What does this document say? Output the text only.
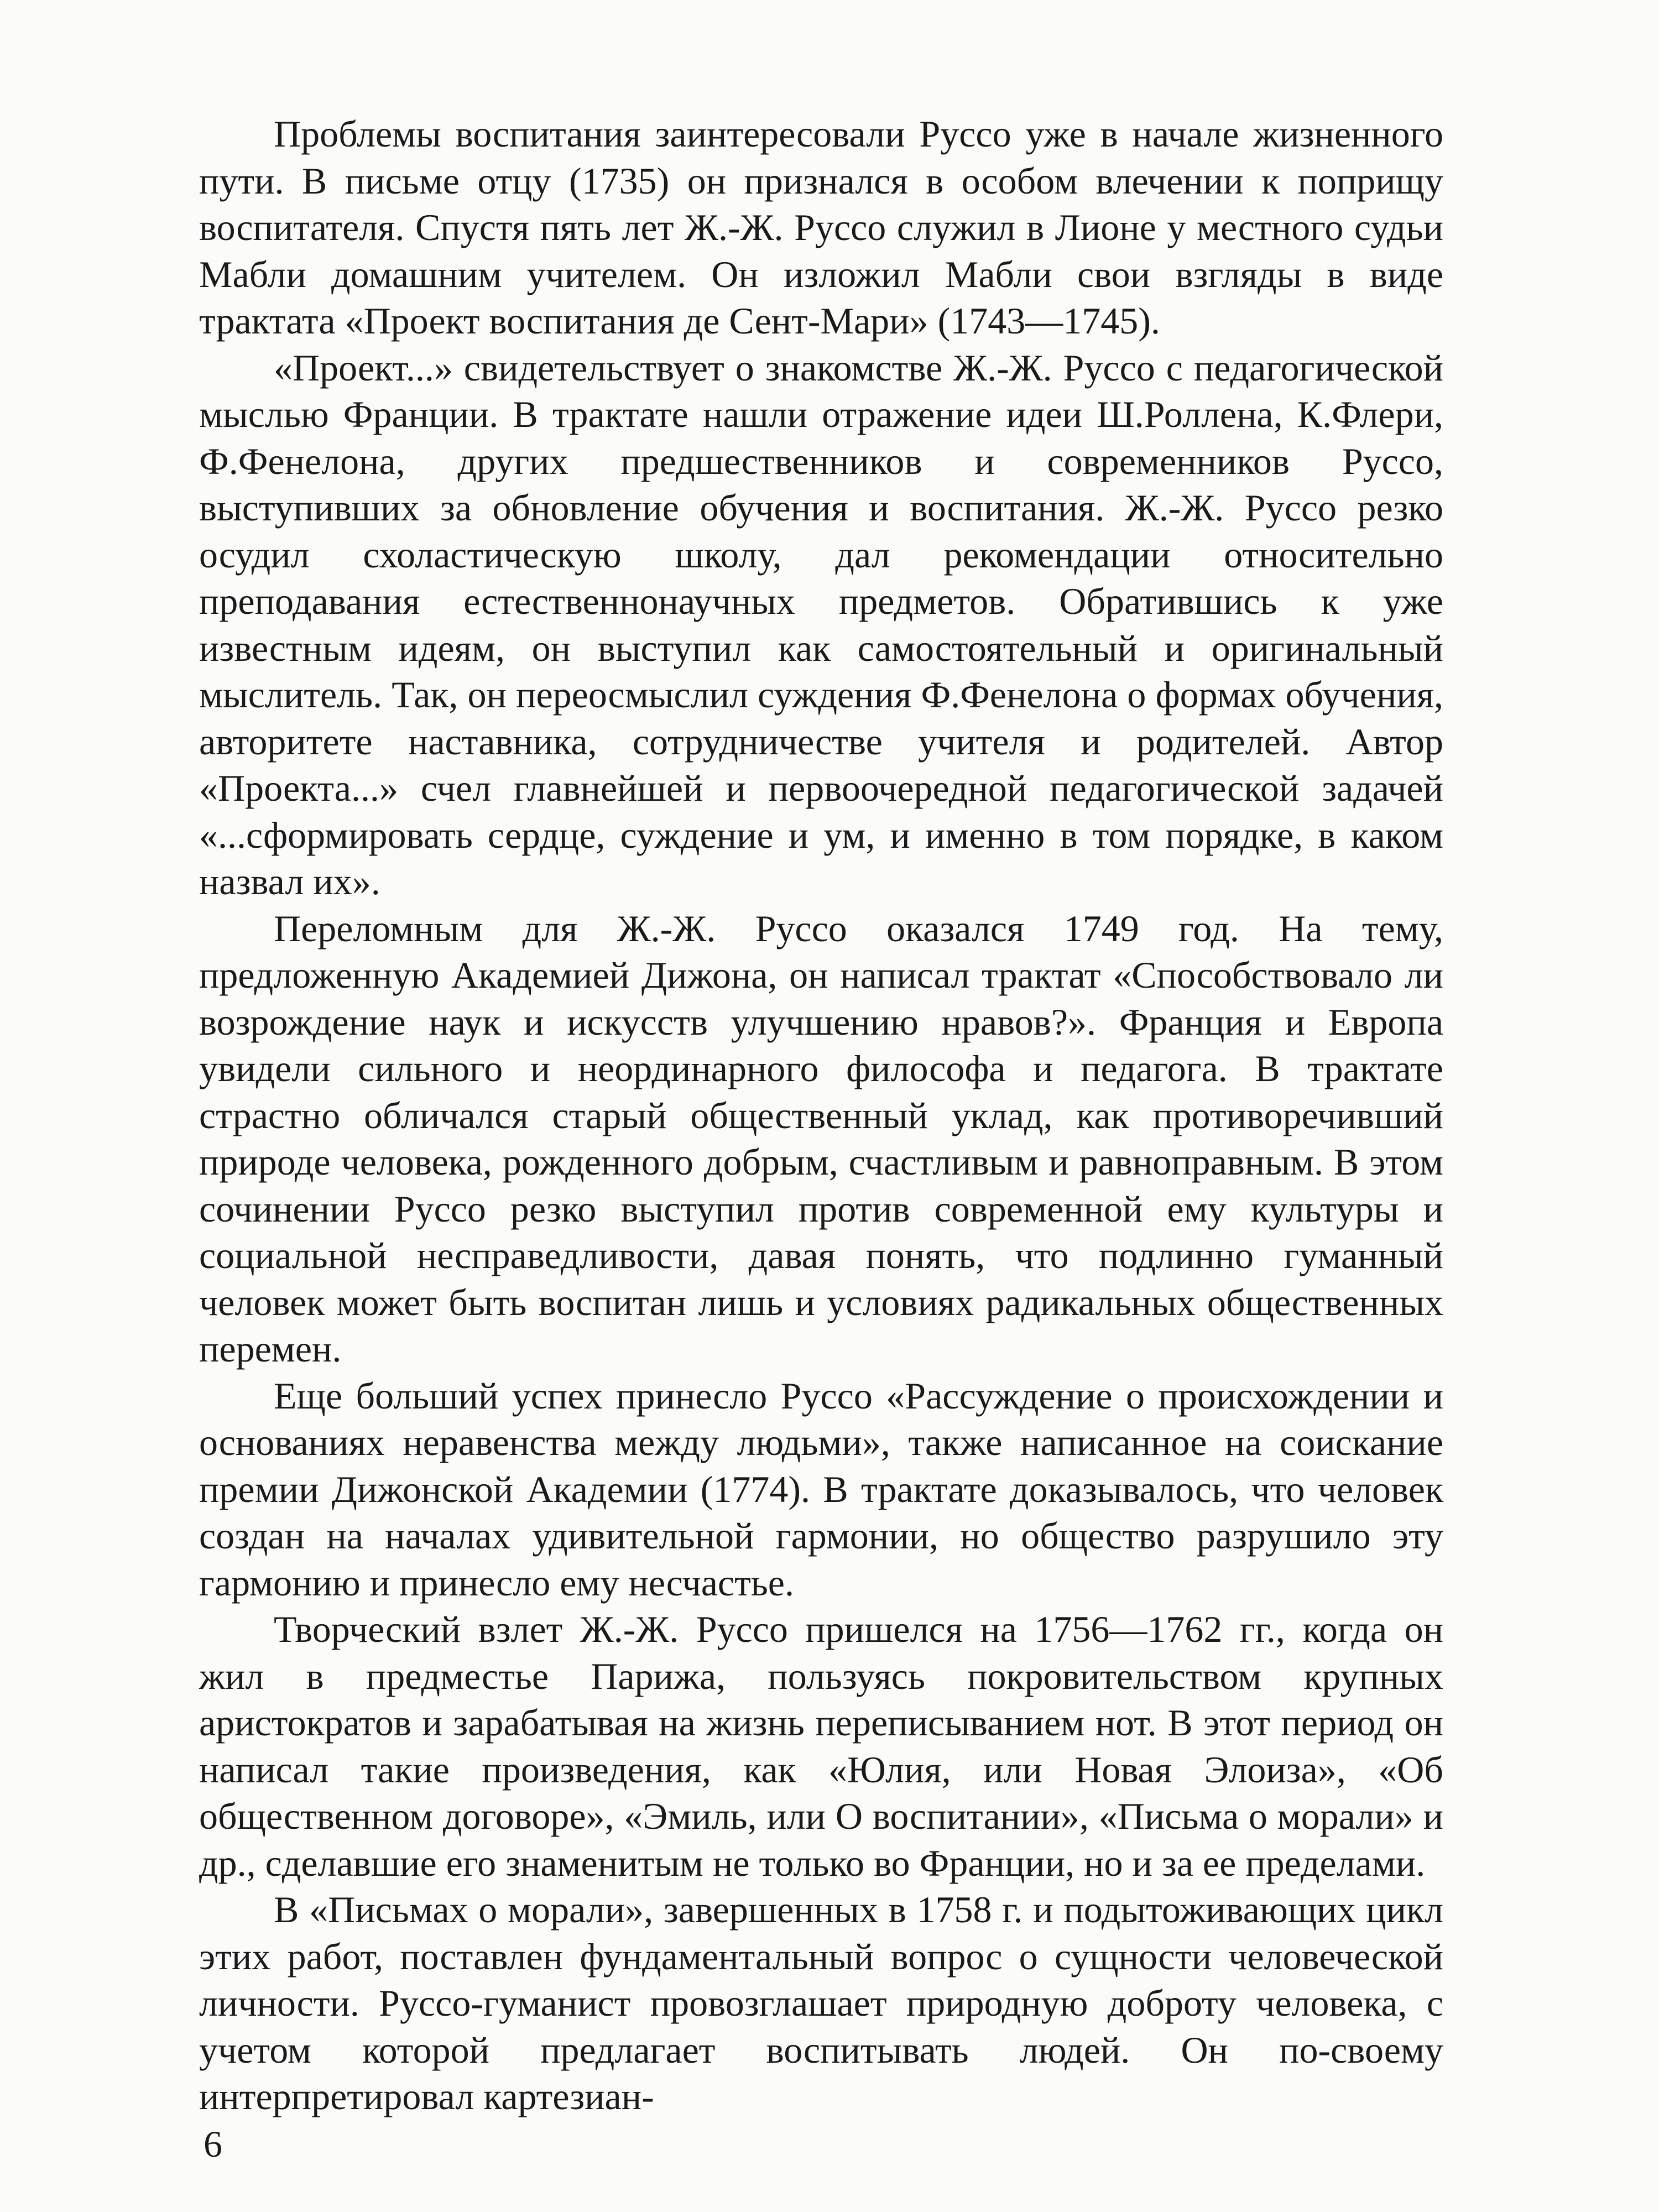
Проблемы воспитания заинтересовали Руссо уже в начале жизненного пути. В письме отцу (1735) он признался в особом влечении к поприщу воспитателя. Спустя пять лет Ж.-Ж. Руссо служил в Лионе у местного судьи Мабли домашним учителем. Он изложил Мабли свои взгляды в виде трактата «Проект воспитания де Сент-Мари» (1743—1745).

«Проект...» свидетельствует о знакомстве Ж.-Ж. Руссо с педагогической мыслью Франции. В трактате нашли отражение идеи Ш.Роллена, К.Флери, Ф.Фенелона, других предшественников и современников Руссо, выступивших за обновление обучения и воспитания. Ж.-Ж. Руссо резко осудил схоластическую школу, дал рекомендации относительно преподавания естественнонаучных предметов. Обратившись к уже известным идеям, он выступил как самостоятельный и оригинальный мыслитель. Так, он переосмыслил суждения Ф.Фенелона о формах обучения, авторитете наставника, сотрудничестве учителя и родителей. Автор «Проекта...» счел главнейшей и первоочередной педагогической задачей «...сформировать сердце, суждение и ум, и именно в том порядке, в каком назвал их».

Переломным для Ж.-Ж. Руссо оказался 1749 год. На тему, предложенную Академией Дижона, он написал трактат «Способствовало ли возрождение наук и искусств улучшению нравов?». Франция и Европа увидели сильного и неординарного философа и педагога. В трактате страстно обличался старый общественный уклад, как противоречивший природе человека, рожденного добрым, счастливым и равноправным. В этом сочинении Руссо резко выступил против современной ему культуры и социальной несправедливости, давая понять, что подлинно гуманный человек может быть воспитан лишь и условиях радикальных общественных перемен.

Еще больший успех принесло Руссо «Рассуждение о происхождении и основаниях неравенства между людьми», также написанное на соискание премии Дижонской Академии (1774). В трактате доказывалось, что человек создан на началах удивительной гармонии, но общество разрушило эту гармонию и принесло ему несчастье.

Творческий взлет Ж.-Ж. Руссо пришелся на 1756—1762 гг., когда он жил в предместье Парижа, пользуясь покровительством крупных аристократов и зарабатывая на жизнь переписыванием нот. В этот период он написал такие произведения, как «Юлия, или Новая Элоиза», «Об общественном договоре», «Эмиль, или О воспитании», «Письма о морали» и др., сделавшие его знаменитым не только во Франции, но и за ее пределами.

В «Письмах о морали», завершенных в 1758 г. и подытоживающих цикл этих работ, поставлен фундаментальный вопрос о сущности человеческой личности. Руссо-гуманист провозглашает природную доброту человека, с учетом которой предлагает воспитывать людей. Он по-своему интерпретировал картезиан-

6
